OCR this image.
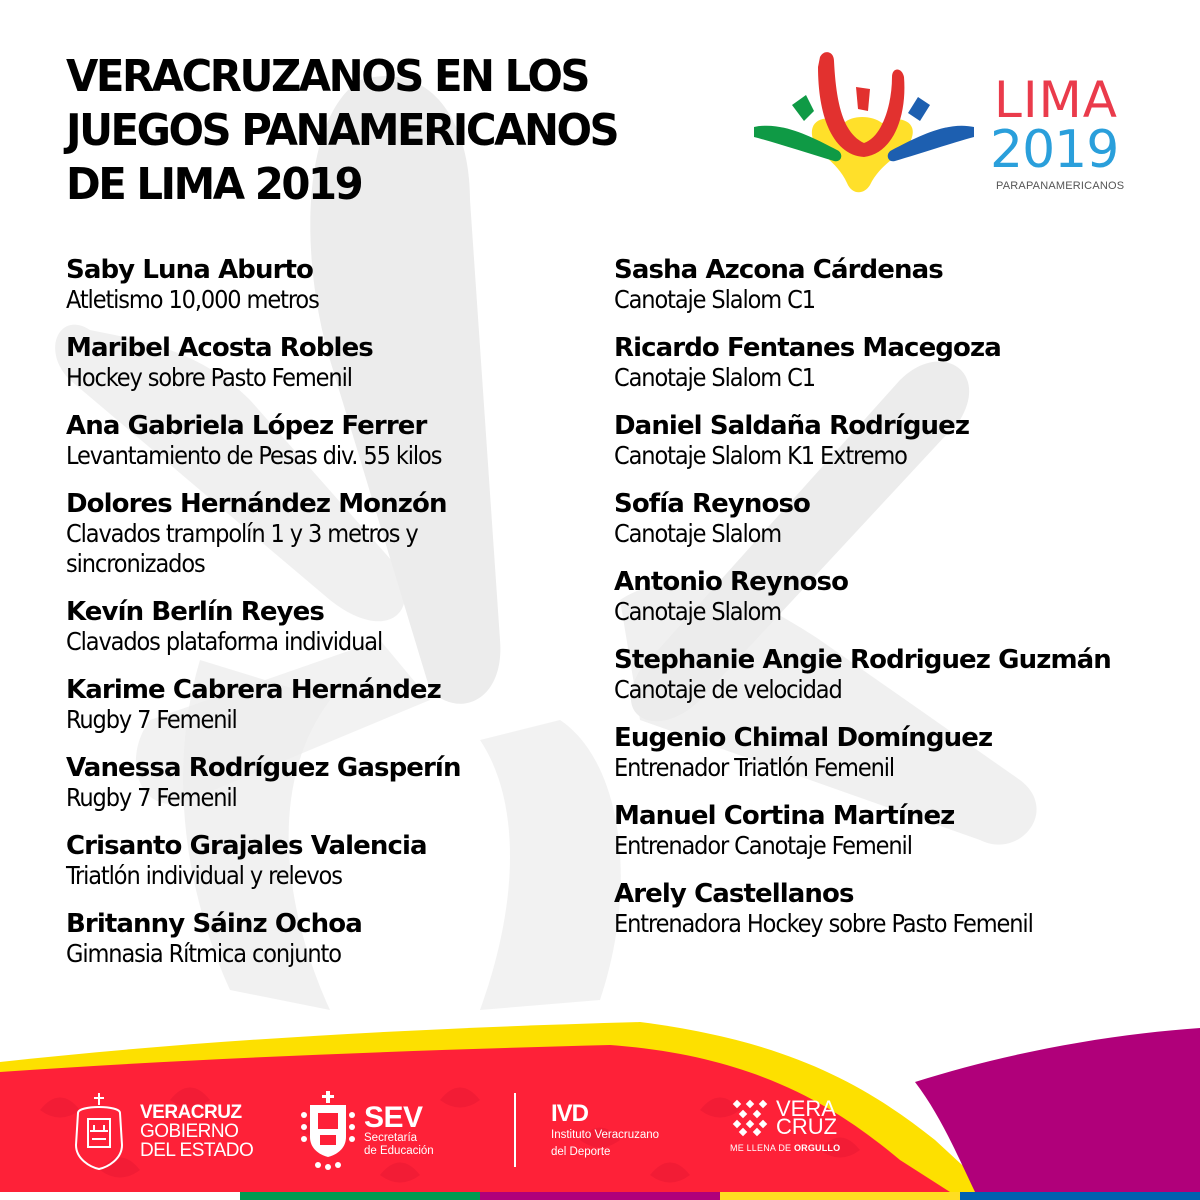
VERACRUZANOS EN LOS
JUEGOS PANAMERICANOS
DE LIMA 2019
LIMA
2019
PARAPANAMERICANOS
Saby Luna Aburto
Atletismo 10,000 metros
Maribel Acosta Robles
Hockey sobre Pasto Femenil
Ana Gabriela López Ferrer
Levantamiento de Pesas div. 55 kilos
Dolores Hernández Monzón
Clavados trampolín 1 y 3 metros y sincronizados
Kevín Berlín Reyes
Clavados plataforma individual
Karime Cabrera Hernández
Rugby 7 Femenil
Vanessa Rodríguez Gasperín
Rugby 7 Femenil
Crisanto Grajales Valencia
Triatlón individual y relevos
Britanny Sáinz Ochoa
Gimnasia Rítmica conjunto
Sasha Azcona Cárdenas
Canotaje Slalom C1
Ricardo Fentanes Macegoza
Canotaje Slalom C1
Daniel Saldaña Rodríguez
Canotaje Slalom K1 Extremo
Sofía Reynoso
Canotaje Slalom
Antonio Reynoso
Canotaje Slalom
Stephanie Angie Rodriguez Guzmán
Canotaje de velocidad
Eugenio Chimal Domínguez
Entrenador Triatlón Femenil
Manuel Cortina Martínez
Entrenador Canotaje Femenil
Arely Castellanos
Entrenadora Hockey sobre Pasto Femenil
VERACRUZ
GOBIERNO
DEL ESTADO
SEV
Secretaría
de Educación
IVD
Instituto Veracruzano
del Deporte
VERA
CRUZ
ME LLENA DE ORGULLO
